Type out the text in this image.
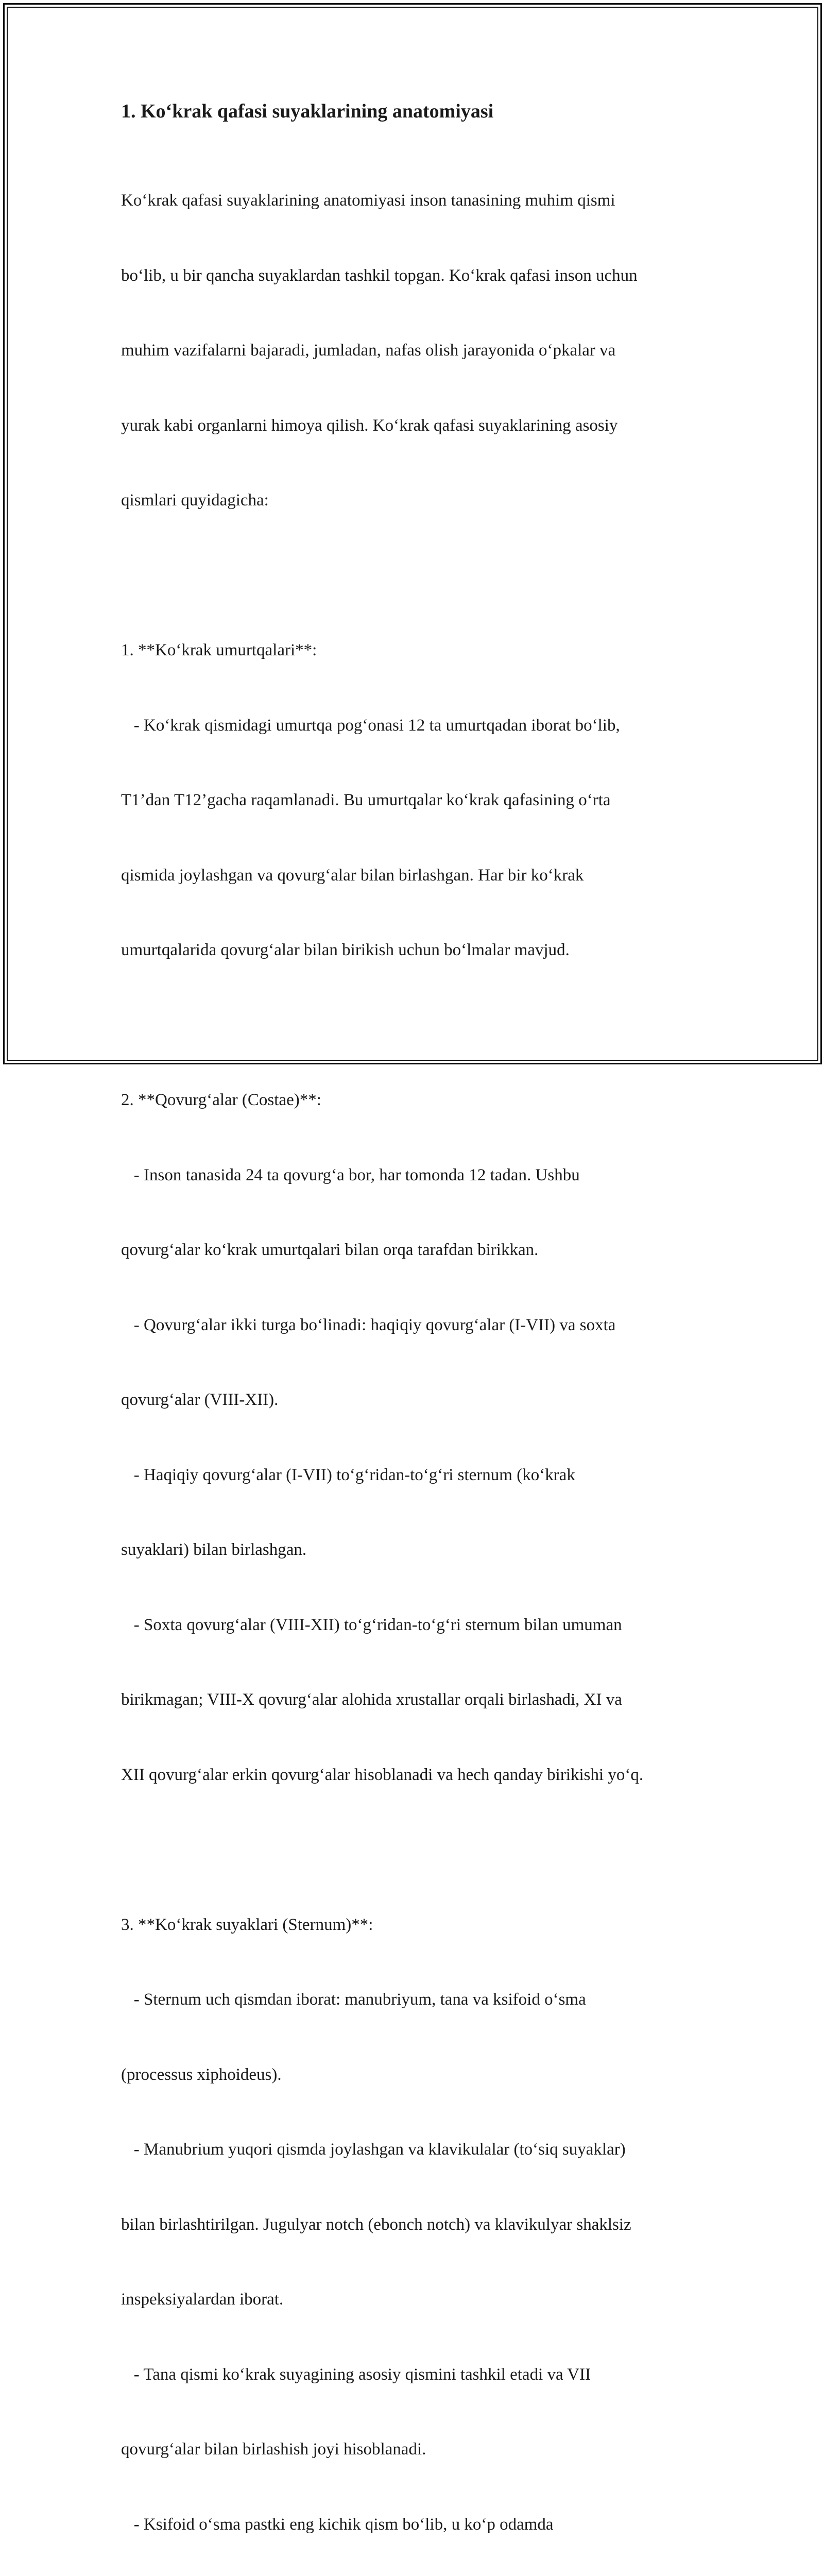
1. Ko‘krak qafasi suyaklarining anatomiyasi

Ko‘krak qafasi suyaklarining anatomiyasi inson tanasining muhim qismi

bo‘lib, u bir qancha suyaklardan tashkil topgan. Ko‘krak qafasi inson uchun

muhim vazifalarni bajaradi, jumladan, nafas olish jarayonida o‘pkalar va

yurak kabi organlarni himoya qilish. Ko‘krak qafasi suyaklarining asosiy

qismlari quyidagicha:

1. **Ko‘krak umurtqalari**:

- Ko‘krak qismidagi umurtqa pog‘onasi 12 ta umurtqadan iborat bo‘lib,

T1’dan T12’gacha raqamlanadi. Bu umurtqalar ko‘krak qafasining o‘rta

qismida joylashgan va qovurg‘alar bilan birlashgan. Har bir ko‘krak

umurtqalarida qovurg‘alar bilan birikish uchun bo‘lmalar mavjud.

2. **Qovurg‘alar (Costae)**:

- Inson tanasida 24 ta qovurg‘a bor, har tomonda 12 tadan. Ushbu

qovurg‘alar ko‘krak umurtqalari bilan orqa tarafdan birikkan.

- Qovurg‘alar ikki turga bo‘linadi: haqiqiy qovurg‘alar (I-VII) va soxta

qovurg‘alar (VIII-XII).

- Haqiqiy qovurg‘alar (I-VII) to‘g‘ridan-to‘g‘ri sternum (ko‘krak

suyaklari) bilan birlashgan.

- Soxta qovurg‘alar (VIII-XII) to‘g‘ridan-to‘g‘ri sternum bilan umuman

birikmagan; VIII-X qovurg‘alar alohida xrustallar orqali birlashadi, XI va

XII qovurg‘alar erkin qovurg‘alar hisoblanadi va hech qanday birikishi yo‘q.

3. **Ko‘krak suyaklari (Sternum)**:

- Sternum uch qismdan iborat: manubriyum, tana va ksifoid o‘sma

(processus xiphoideus).

- Manubrium yuqori qismda joylashgan va klavikulalar (to‘siq suyaklar)

bilan birlashtirilgan. Jugulyar notch (ebonch notch) va klavikulyar shaklsiz

inspeksiyalardan iborat.

- Tana qismi ko‘krak suyagining asosiy qismini tashkil etadi va VII

qovurg‘alar bilan birlashish joyi hisoblanadi.

- Ksifoid o‘sma pastki eng kichik qism bo‘lib, u ko‘p odamda
